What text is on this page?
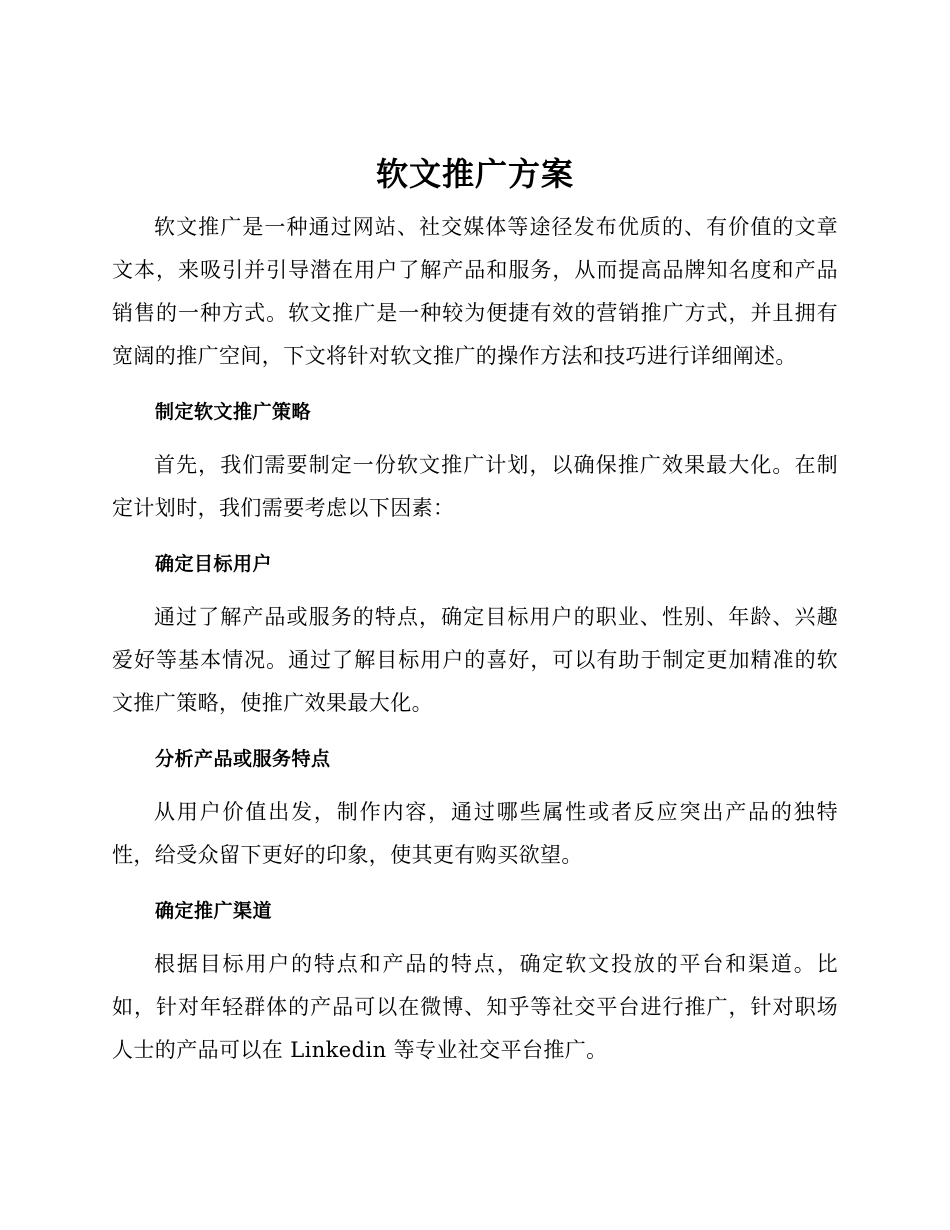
软文推广方案

软文推广是一种通过网站、社交媒体等途径发布优质的、有价值的文章文本，来吸引并引导潜在用户了解产品和服务，从而提高品牌知名度和产品销售的一种方式。软文推广是一种较为便捷有效的营销推广方式，并且拥有宽阔的推广空间，下文将针对软文推广的操作方法和技巧进行详细阐述。

制定软文推广策略

首先，我们需要制定一份软文推广计划，以确保推广效果最大化。在制定计划时，我们需要考虑以下因素：

确定目标用户

通过了解产品或服务的特点，确定目标用户的职业、性别、年龄、兴趣爱好等基本情况。通过了解目标用户的喜好，可以有助于制定更加精准的软文推广策略，使推广效果最大化。

分析产品或服务特点

从用户价值出发，制作内容，通过哪些属性或者反应突出产品的独特性，给受众留下更好的印象，使其更有购买欲望。

确定推广渠道

根据目标用户的特点和产品的特点，确定软文投放的平台和渠道。比如，针对年轻群体的产品可以在微博、知乎等社交平台进行推广，针对职场人士的产品可以在 Linkedin 等专业社交平台推广。
